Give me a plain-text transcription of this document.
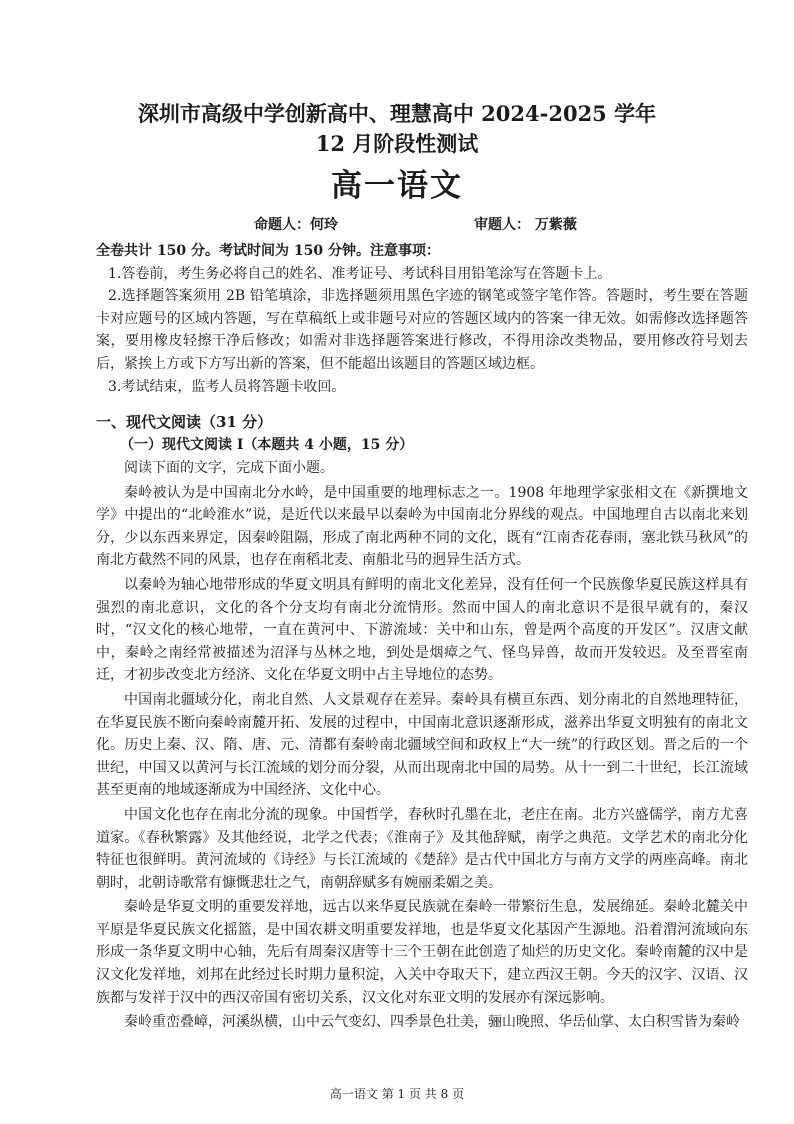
深圳市高级中学创新高中、理慧高中 2024-2025 学年
12 月阶段性测试
高一语文
命题人：何玲	审题人： 万紫薇

全卷共计 150 分。考试时间为 150 分钟。注意事项：

1.答卷前，考生务必将自己的姓名、准考证号、考试科目用铅笔涂写在答题卡上。

2.选择题答案须用 2B 铅笔填涂，非选择题须用黑色字迹的钢笔或签字笔作答。答题时，考生要在答题卡对应题号的区域内答题，写在草稿纸上或非题号对应的答题区域内的答案一律无效。如需修改选择题答案，要用橡皮轻擦干净后修改；如需对非选择题答案进行修改，不得用涂改类物品，要用修改符号划去后，紧挨上方或下方写出新的答案，但不能超出该题目的答题区域边框。

3.考试结束，监考人员将答题卡收回。

一、现代文阅读（31 分）
（一）现代文阅读 I（本题共 4 小题，15 分）

阅读下面的文字，完成下面小题。

秦岭被认为是中国南北分水岭，是中国重要的地理标志之一。1908 年地理学家张相文在《新撰地文学》中提出的“北岭淮水”说，是近代以来最早以秦岭为中国南北分界线的观点。中国地理自古以南北来划分，少以东西来界定，因秦岭阻隔，形成了南北两种不同的文化，既有“江南杏花春雨，塞北铁马秋风”的南北方截然不同的风景，也存在南稻北麦、南船北马的迥异生活方式。

以秦岭为轴心地带形成的华夏文明具有鲜明的南北文化差异，没有任何一个民族像华夏民族这样具有强烈的南北意识，文化的各个分支均有南北分流情形。然而中国人的南北意识不是很早就有的，秦汉时，“汉文化的核心地带，一直在黄河中、下游流域：关中和山东，曾是两个高度的开发区”。汉唐文献中，秦岭之南经常被描述为沼泽与丛林之地，到处是烟瘴之气、怪鸟异兽，故而开发较迟。及至晋室南迁，才初步改变北方经济、文化在华夏文明中占主导地位的态势。

中国南北疆域分化，南北自然、人文景观存在差异。秦岭具有横亘东西、划分南北的自然地理特征，在华夏民族不断向秦岭南麓开拓、发展的过程中，中国南北意识逐渐形成，滋养出华夏文明独有的南北文化。历史上秦、汉、隋、唐、元、清都有秦岭南北疆域空间和政权上“大一统”的行政区划。晋之后的一个世纪，中国又以黄河与长江流域的划分而分裂，从而出现南北中国的局势。从十一到二十世纪，长江流域甚至更南的地域逐渐成为中国经济、文化中心。

中国文化也存在南北分流的现象。中国哲学，春秋时孔墨在北，老庄在南。北方兴盛儒学，南方尤喜道家。《春秋繁露》及其他经说，北学之代表；《淮南子》及其他辞赋，南学之典范。文学艺术的南北分化特征也很鲜明。黄河流域的《诗经》与长江流域的《楚辞》是古代中国北方与南方文学的两座高峰。南北朝时，北朝诗歌常有慷慨悲壮之气，南朝辞赋多有婉丽柔媚之美。

秦岭是华夏文明的重要发祥地，远古以来华夏民族就在秦岭一带繁衍生息，发展绵延。秦岭北麓关中平原是华夏民族文化摇篮，是中国农耕文明重要发祥地，也是华夏文化基因产生源地。沿着渭河流域向东形成一条华夏文明中心轴，先后有周秦汉唐等十三个王朝在此创造了灿烂的历史文化。秦岭南麓的汉中是汉文化发祥地，刘邦在此经过长时期力量积淀，入关中夺取天下，建立西汉王朝。今天的汉字、汉语、汉族都与发祥于汉中的西汉帝国有密切关系，汉文化对东亚文明的发展亦有深远影响。

秦岭重峦叠嶂，河溪纵横，山中云气变幻、四季景色壮美，骊山晚照、华岳仙掌、太白积雪皆为秦岭

高一语文 第 1 页 共 8 页
